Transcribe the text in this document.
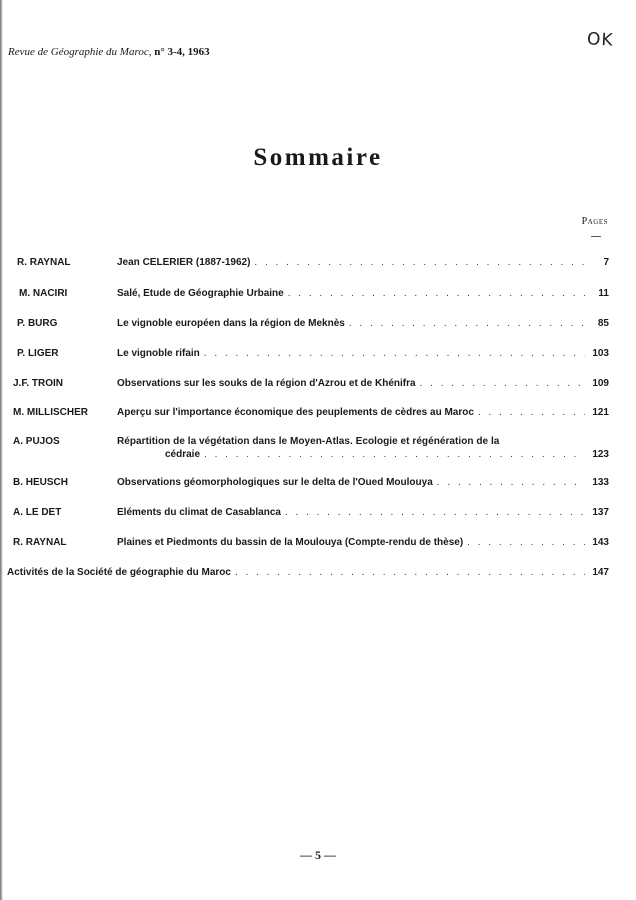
Revue de Géographie du Maroc, n° 3-4, 1963
OK
Sommaire
Pages
R. RAYNAL	Jean CELERIER (1887-1962) . . .	7
M. NACIRI	Salé, Etude de Géographie Urbaine . . .	11
P. BURG	Le vignoble européen dans la région de Meknès . . .	85
P. LIGER	Le vignoble rifain . . .	103
J.F. TROIN	Observations sur les souks de la région d'Azrou et de Khénifra . . .	109
M. MILLISCHER	Aperçu sur l'importance économique des peuplements de cèdres au Maroc . . .	121
A. PUJOS	Répartition de la végétation dans le Moyen-Atlas. Ecologie et régénération de la
cédraie . . .	123
B. HEUSCH	Observations géomorphologiques sur le delta de l'Oued Moulouya . . .	133
A. LE DET	Eléments du climat de Casablanca . . .	137
R. RAYNAL	Plaines et Piedmonts du bassin de la Moulouya (Compte-rendu de thèse) . . .	143
Activités de la Société de géographie du Maroc . . .	147
— 5 —
